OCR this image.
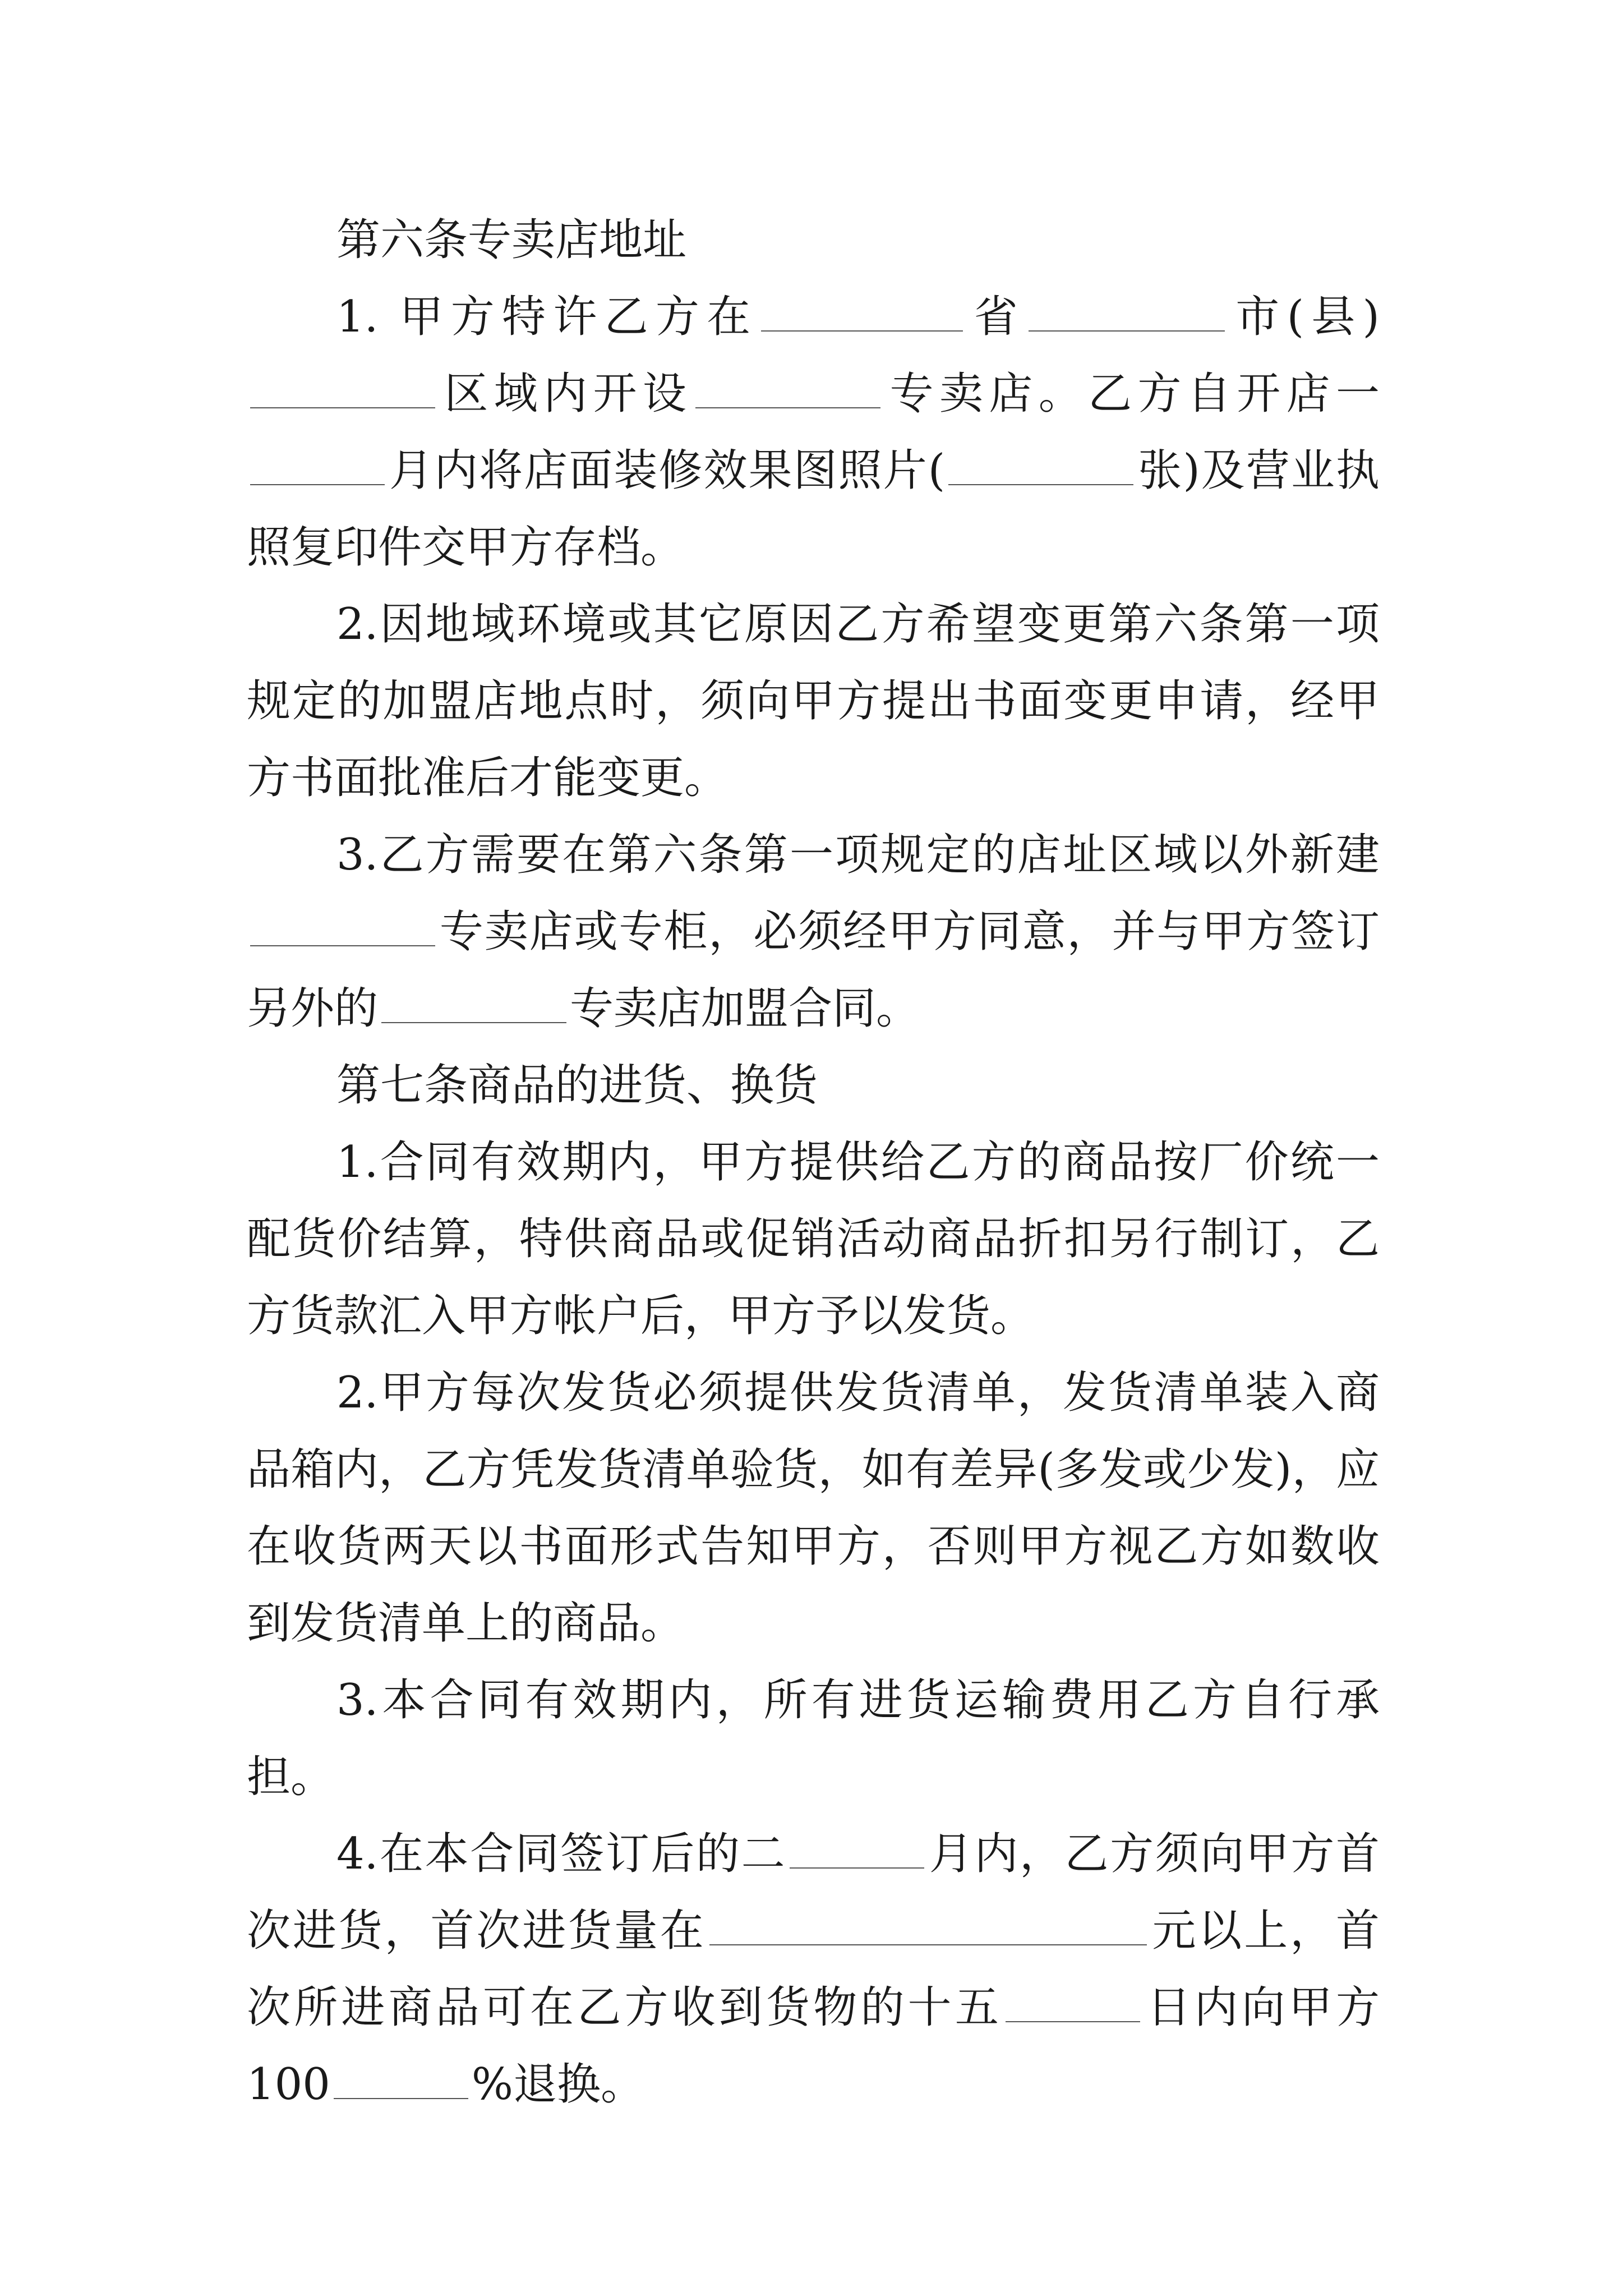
第六条专卖店地址

1. 甲方特许乙方在	省	市(县)区域内开设	专卖店。乙方自开店一月内将店面装修效果图照片(	张)及营业执照复印件交甲方存档。

2.因地域环境或其它原因乙方希望变更第六条第一项规定的加盟店地点时，须向甲方提出书面变更申请，经甲方书面批准后才能变更。

3.乙方需要在第六条第一项规定的店址区域以外新建专卖店或专柜，必须经甲方同意，并与甲方签订另外的	专卖店加盟合同。

第七条商品的进货、换货

1.合同有效期内，甲方提供给乙方的商品按厂价统一配货价结算，特供商品或促销活动商品折扣另行制订，乙方货款汇入甲方帐户后，甲方予以发货。

2.甲方每次发货必须提供发货清单，发货清单装入商品箱内，乙方凭发货清单验货，如有差异(多发或少发)，应在收货两天以书面形式告知甲方，否则甲方视乙方如数收到发货清单上的商品。

3.本合同有效期内，所有进货运输费用乙方自行承担。

4.在本合同签订后的二	月内，乙方须向甲方首次进货，首次进货量在	元以上，首次所进商品可在乙方收到货物的十五	日内向甲方100	%退换。
